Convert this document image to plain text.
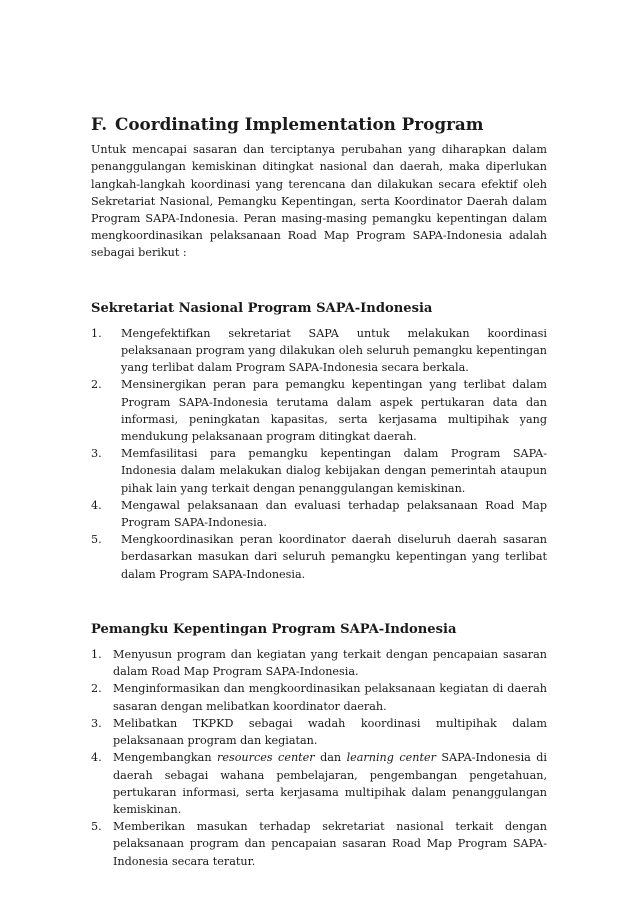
F. Coordinating Implementation Program

Untuk mencapai sasaran dan terciptanya perubahan yang diharapkan dalam penanggulangan kemiskinan ditingkat nasional dan daerah, maka diperlukan langkah-langkah koordinasi yang terencana dan dilakukan secara efektif oleh Sekretariat Nasional, Pemangku Kepentingan, serta Koordinator Daerah dalam Program SAPA-Indonesia. Peran masing-masing pemangku kepentingan dalam mengkoordinasikan pelaksanaan Road Map Program SAPA-Indonesia adalah sebagai berikut :

Sekretariat Nasional Program SAPA-Indonesia
1.	Mengefektifkan sekretariat SAPA untuk melakukan koordinasi pelaksanaan program yang dilakukan oleh seluruh pemangku kepentingan yang terlibat dalam Program SAPA-Indonesia secara berkala.
2.	Mensinergikan peran para pemangku kepentingan yang terlibat dalam Program SAPA-Indonesia terutama dalam aspek pertukaran data dan informasi, peningkatan kapasitas, serta kerjasama multipihak yang mendukung pelaksanaan program ditingkat daerah.
3.	Memfasilitasi para pemangku kepentingan dalam Program SAPA-Indonesia dalam melakukan dialog kebijakan dengan pemerintah ataupun pihak lain yang terkait dengan penanggulangan kemiskinan.
4.	Mengawal pelaksanaan dan evaluasi terhadap pelaksanaan Road Map Program SAPA-Indonesia.
5.	Mengkoordinasikan peran koordinator daerah diseluruh daerah sasaran berdasarkan masukan dari seluruh pemangku kepentingan yang terlibat dalam Program SAPA-Indonesia.
Pemangku Kepentingan Program SAPA-Indonesia
1.	Menyusun program dan kegiatan yang terkait dengan pencapaian sasaran dalam Road Map Program SAPA-Indonesia.
2.	Menginformasikan dan mengkoordinasikan pelaksanaan kegiatan di daerah sasaran dengan melibatkan koordinator daerah.
3.	Melibatkan TKPKD sebagai wadah koordinasi multipihak dalam pelaksanaan program dan kegiatan.
4.	Mengembangkan resources center dan learning center SAPA-Indonesia di daerah sebagai wahana pembelajaran, pengembangan pengetahuan, pertukaran informasi, serta kerjasama multipihak dalam penanggulangan kemiskinan.
5.	Memberikan masukan terhadap sekretariat nasional terkait dengan pelaksanaan program dan pencapaian sasaran Road Map Program SAPA-Indonesia secara teratur.
